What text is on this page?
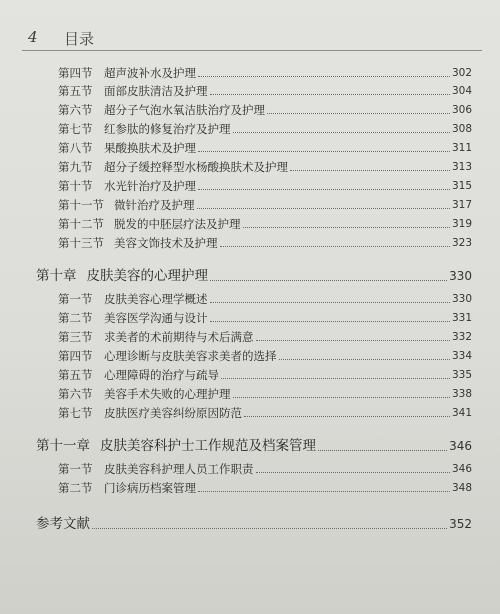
4 目录
第四节	超声波补水及护理	302
第五节	面部皮肤清洁及护理	304
第六节	超分子气泡水氧洁肤治疗及护理	306
第七节	红参肽的修复治疗及护理	308
第八节	果酸换肤术及护理	311
第九节	超分子缓控释型水杨酸换肤术及护理	313
第十节	水光针治疗及护理	315
第十一节 微针治疗及护理	317
第十二节 脱发的中胚层疗法及护理	319
第十三节 美容文饰技术及护理	323
第十章 皮肤美容的心理护理	330
第一节	皮肤美容心理学概述	330
第二节	美容医学沟通与设计	331
第三节	求美者的术前期待与术后满意	332
第四节	心理诊断与皮肤美容求美者的选择	334
第五节	心理障碍的治疗与疏导	335
第六节	美容手术失败的心理护理	338
第七节	皮肤医疗美容纠纷原因防范	341
第十一章 皮肤美容科护士工作规范及档案管理	346
第一节	皮肤美容科护理人员工作职责	346
第二节	门诊病历档案管理	348
参考文献	352
